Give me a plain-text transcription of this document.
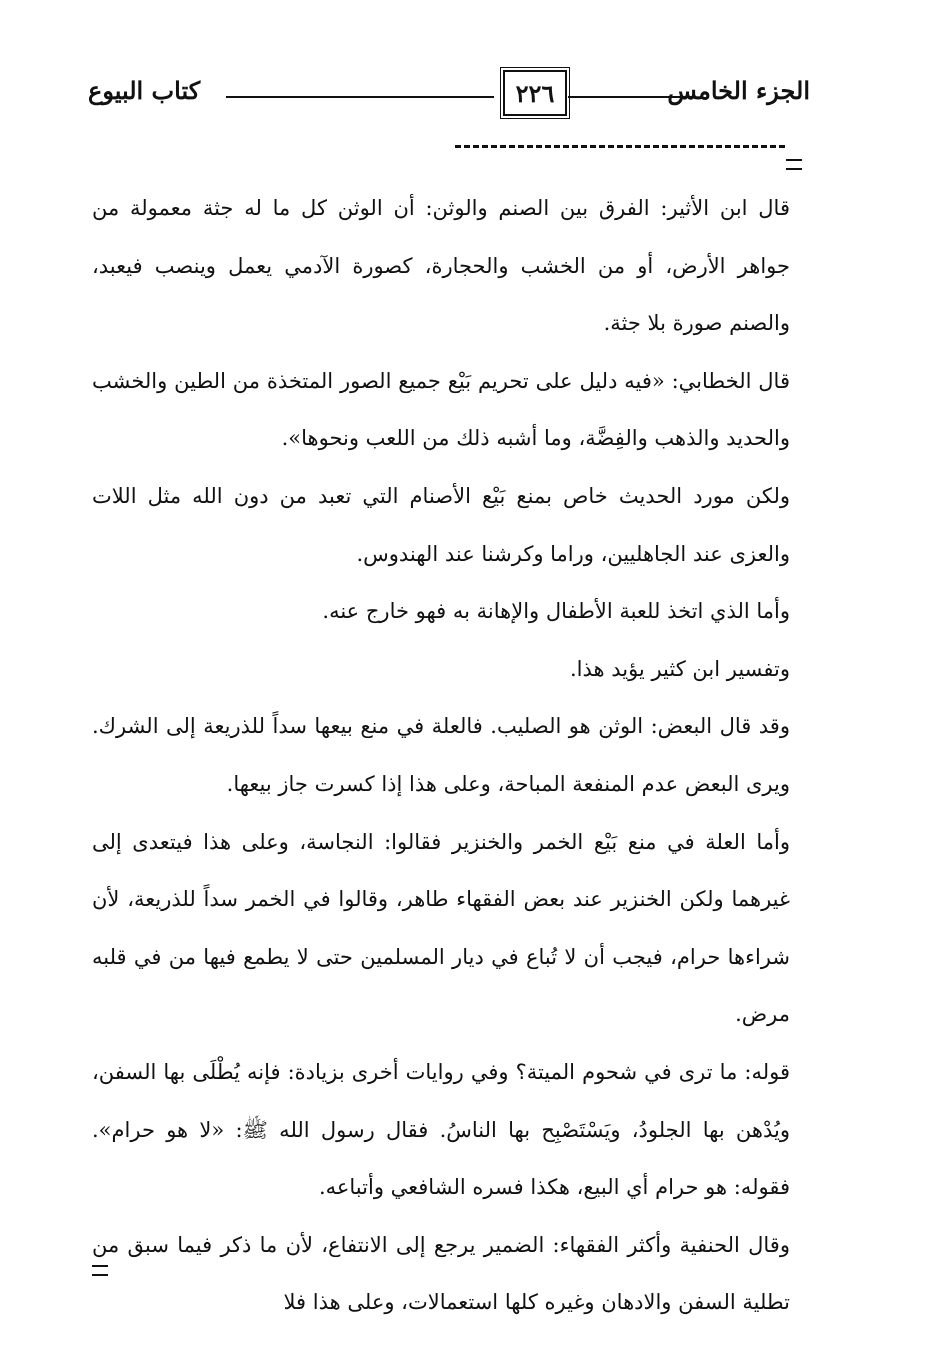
الجزء الخامس
٢٢٦
كتاب البيوع

قال ابن الأثير: الفرق بين الصنم والوثن: أن الوثن كل ما له جثة معمولة من جواهر الأرض، أو من الخشب والحجارة، كصورة الآدمي يعمل وينصب فيعبد، والصنم صورة بلا جثة.

قال الخطابي: «فيه دليل على تحريم بَيْع جميع الصور المتخذة من الطين والخشب والحديد والذهب والفِضَّة، وما أشبه ذلك من اللعب ونحوها».

ولكن مورد الحديث خاص بمنع بَيْع الأصنام التي تعبد من دون الله مثل اللات والعزى عند الجاهليين، وراما وكرشنا عند الهندوس.

وأما الذي اتخذ للعبة الأطفال والإهانة به فهو خارج عنه.

وتفسير ابن كثير يؤيد هذا.

وقد قال البعض: الوثن هو الصليب. فالعلة في منع بيعها سداً للذريعة إلى الشرك. ويرى البعض عدم المنفعة المباحة، وعلى هذا إذا كسرت جاز بيعها.

وأما العلة في منع بَيْع الخمر والخنزير فقالوا: النجاسة، وعلى هذا فيتعدى إلى غيرهما ولكن الخنزير عند بعض الفقهاء طاهر، وقالوا في الخمر سداً للذريعة، لأن شراءها حرام، فيجب أن لا تُباع في ديار المسلمين حتى لا يطمع فيها من في قلبه مرض.

قوله: ما ترى في شحوم الميتة؟ وفي روايات أخرى بزيادة: فإنه يُطْلَى بها السفن، ويُدْهن بها الجلودُ، ويَسْتَصْبِح بها الناسُ. فقال رسول الله ﷺ: «لا هو حرام». فقوله: هو حرام أي البيع، هكذا فسره الشافعي وأتباعه.

وقال الحنفية وأكثر الفقهاء: الضمير يرجع إلى الانتفاع، لأن ما ذكر فيما سبق من تطلية السفن والادهان وغيره كلها استعمالات، وعلى هذا فلا
